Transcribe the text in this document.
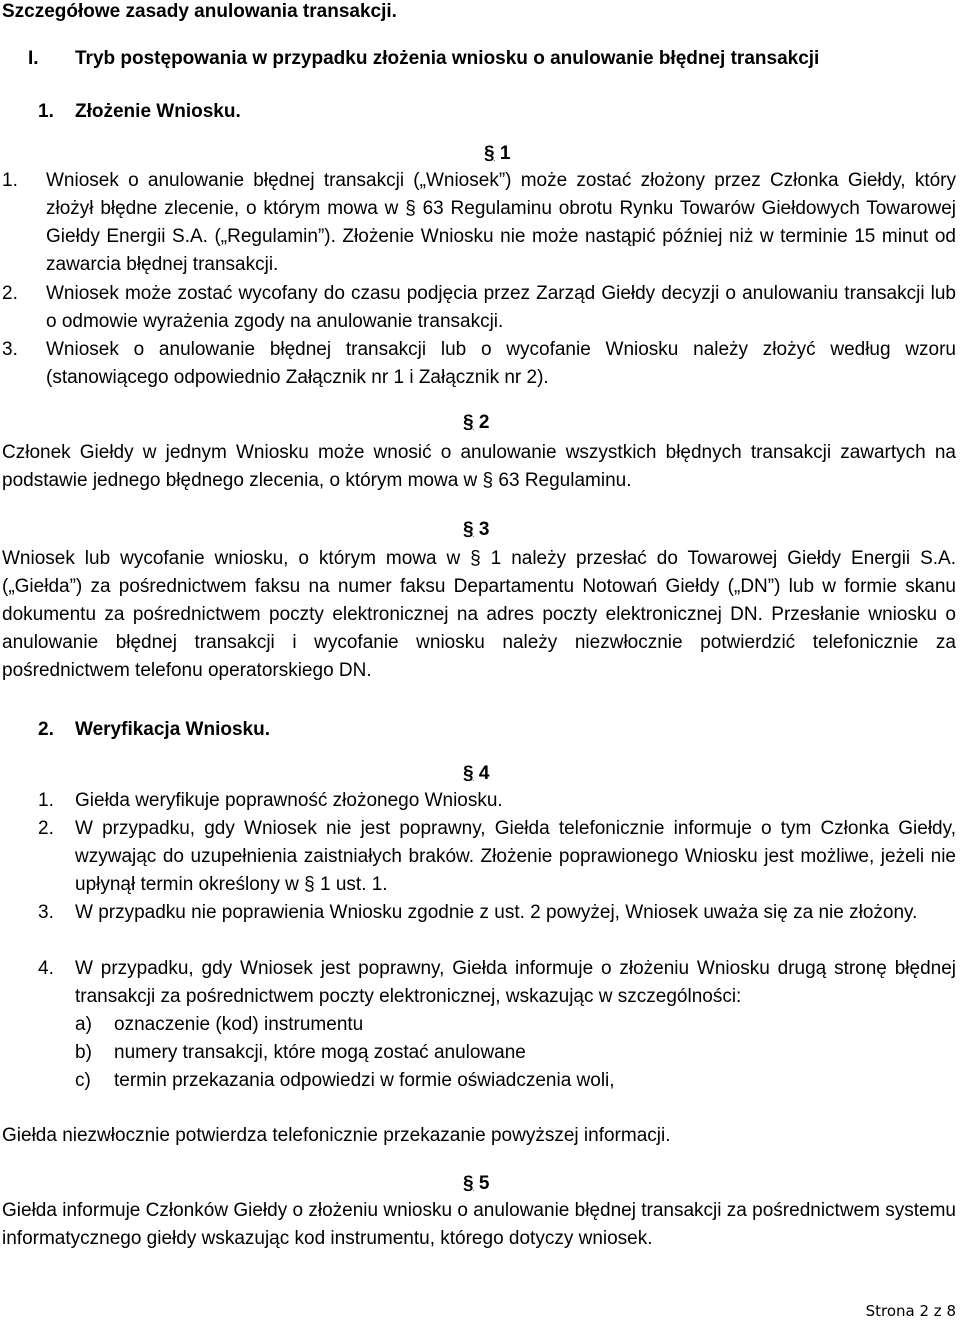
Szczegółowe zasady anulowania transakcji.
I. Tryb postępowania w przypadku złożenia wniosku o anulowanie błędnej transakcji
1. Złożenie Wniosku.
§ 1
1. Wniosek o anulowanie błędnej transakcji („Wniosek”) może zostać złożony przez Członka Giełdy, który złożył błędne zlecenie, o którym mowa w § 63 Regulaminu obrotu Rynku Towarów Giełdowych Towarowej Giełdy Energii S.A. („Regulamin”). Złożenie Wniosku nie może nastąpić później niż w terminie 15 minut od zawarcia błędnej transakcji.
2. Wniosek może zostać wycofany do czasu podjęcia przez Zarząd Giełdy decyzji o anulowaniu transakcji lub o odmowie wyrażenia zgody na anulowanie transakcji.
3. Wniosek o anulowanie błędnej transakcji lub o wycofanie Wniosku należy złożyć według wzoru (stanowiącego odpowiednio Załącznik nr 1 i Załącznik nr 2).
§ 2
Członek Giełdy w jednym Wniosku może wnosić o anulowanie wszystkich błędnych transakcji zawartych na podstawie jednego błędnego zlecenia, o którym mowa w § 63 Regulaminu.
§ 3
Wniosek lub wycofanie wniosku, o którym mowa w § 1 należy przesłać do Towarowej Giełdy Energii S.A. („Giełda”) za pośrednictwem faksu na numer faksu Departamentu Notowań Giełdy („DN”) lub w formie skanu dokumentu za pośrednictwem poczty elektronicznej na adres poczty elektronicznej DN. Przesłanie wniosku o anulowanie błędnej transakcji i wycofanie wniosku należy niezwłocznie potwierdzić telefonicznie za pośrednictwem telefonu operatorskiego DN.
2. Weryfikacja Wniosku.
§ 4
1. Giełda weryfikuje poprawność złożonego Wniosku.
2. W przypadku, gdy Wniosek nie jest poprawny, Giełda telefonicznie informuje o tym Członka Giełdy, wzywając do uzupełnienia zaistniałych braków. Złożenie poprawionego Wniosku jest możliwe, jeżeli nie upłynął termin określony w § 1 ust. 1.
3. W przypadku nie poprawienia Wniosku zgodnie z ust. 2 powyżej, Wniosek uważa się za nie złożony.
4. W przypadku, gdy Wniosek jest poprawny, Giełda informuje o złożeniu Wniosku drugą stronę błędnej transakcji za pośrednictwem poczty elektronicznej, wskazując w szczególności:
a) oznaczenie (kod) instrumentu
b) numery transakcji, które mogą zostać anulowane
c) termin przekazania odpowiedzi w formie oświadczenia woli,
Giełda niezwłocznie potwierdza telefonicznie przekazanie powyższej informacji.
§ 5
Giełda informuje Członków Giełdy o złożeniu wniosku o anulowanie błędnej transakcji za pośrednictwem systemu informatycznego giełdy wskazując kod instrumentu, którego dotyczy wniosek.
Strona 2 z 8
